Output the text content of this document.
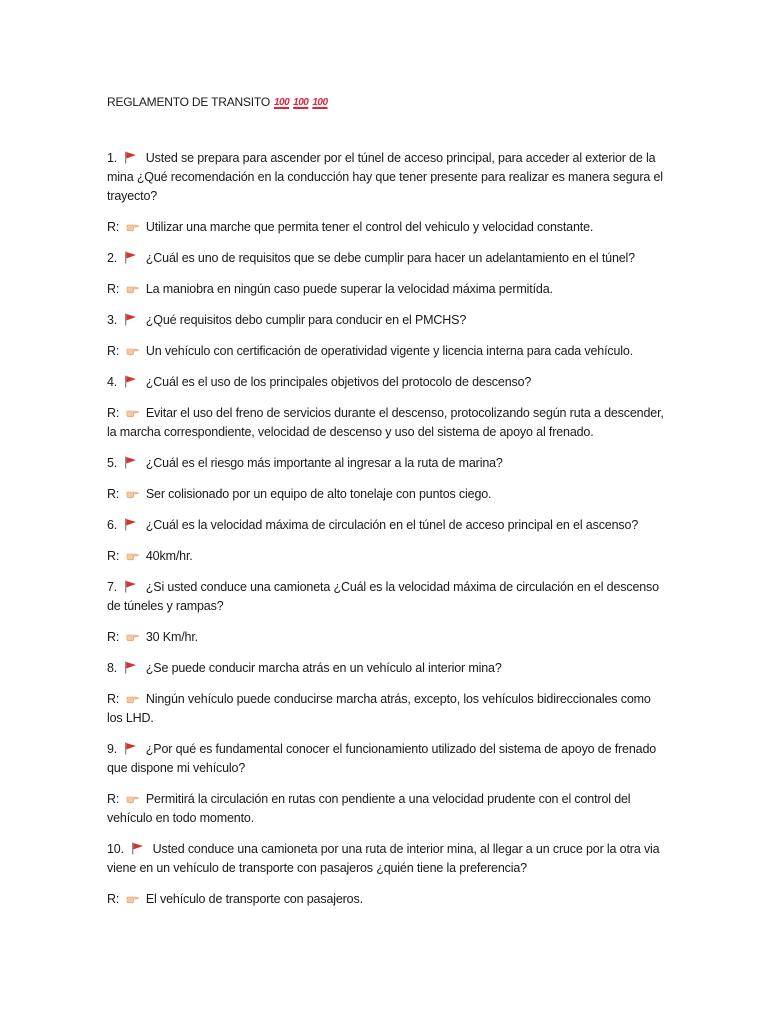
REGLAMENTO DE TRANSITO 100 100 100
1. Usted se prepara para ascender por el túnel de acceso principal, para acceder al exterior de la mina ¿Qué recomendación en la conducción hay que tener presente para realizar es manera segura el trayecto?
R: Utilizar una marche que permita tener el control del vehiculo y velocidad constante.
2. ¿Cuál es uno de requisitos que se debe cumplir para hacer un adelantamiento en el túnel?
R: La maniobra en ningún caso puede superar la velocidad máxima permitída.
3. ¿Qué requisitos debo cumplir para conducir en el PMCHS?
R: Un vehículo con certificación de operatividad vigente y licencia interna para cada vehículo.
4. ¿Cuál es el uso de los principales objetivos del protocolo de descenso?
R: Evitar el uso del freno de servicios durante el descenso, protocolizando según ruta a descender, la marcha correspondiente, velocidad de descenso y uso del sistema de apoyo al frenado.
5. ¿Cuál es el riesgo más importante al ingresar a la ruta de marina?
R: Ser colisionado por un equipo de alto tonelaje con puntos ciego.
6. ¿Cuál es la velocidad máxima de circulación en el túnel de acceso principal en el ascenso?
R: 40km/hr.
7. ¿Si usted conduce una camioneta ¿Cuál es la velocidad máxima de circulación en el descenso de túneles y rampas?
R: 30 Km/hr.
8. ¿Se puede conducir marcha atrás en un vehículo al interior mina?
R: Ningún vehículo puede conducirse marcha atrás, excepto, los vehículos bidireccionales como los LHD.
9. ¿Por qué es fundamental conocer el funcionamiento utilizado del sistema de apoyo de frenado que dispone mi vehículo?
R: Permitirá la circulación en rutas con pendiente a una velocidad prudente con el control del vehículo en todo momento.
10. Usted conduce una camioneta por una ruta de interior mina, al llegar a un cruce por la otra via viene en un vehículo de transporte con pasajeros ¿quién tiene la preferencia?
R: El vehículo de transporte con pasajeros.
